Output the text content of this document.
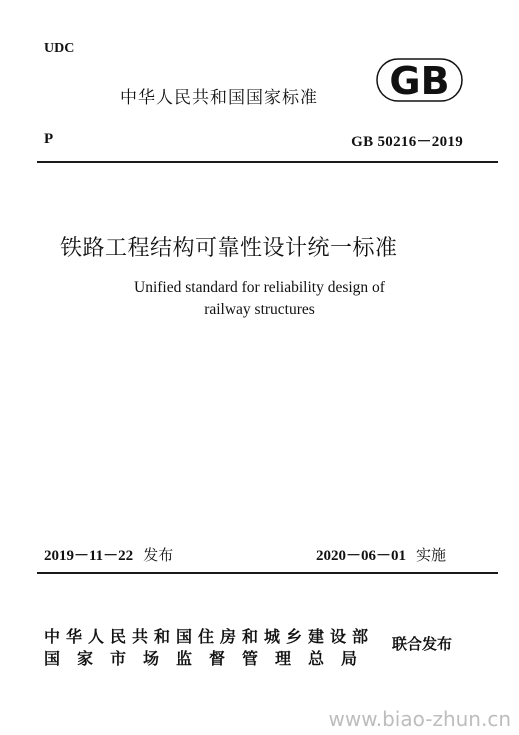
UDC
中华人民共和国国家标准 GB
P	GB 50216－2019
铁路工程结构可靠性设计统一标准
Unified standard for reliability design of
railway structures
2019－11－22 发布	2020－06－01 实施
中华人民共和国住房和城乡建设部
国家市场监督管理总局
联合发布
www.biao-zhun.cn
